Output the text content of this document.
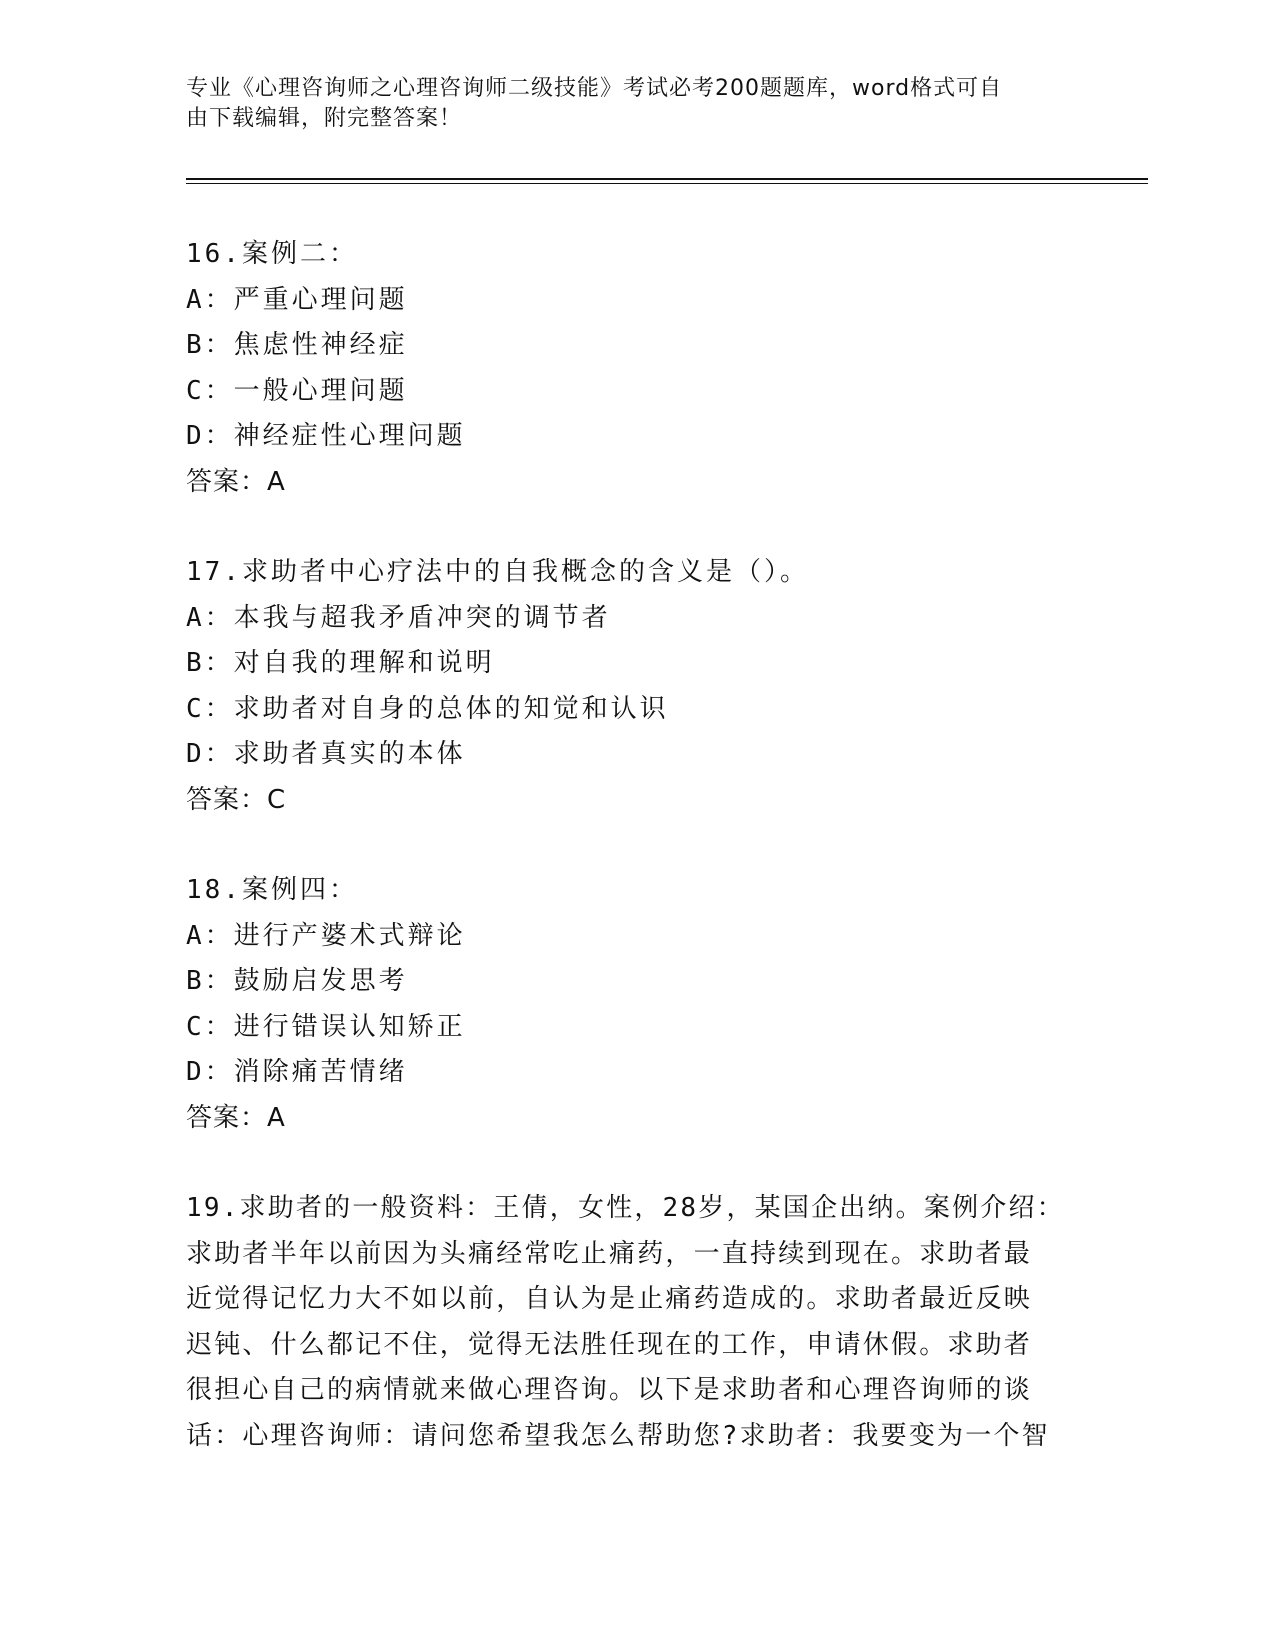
专业《心理咨询师之心理咨询师二级技能》考试必考200题题库，word格式可自
由下载编辑，附完整答案！
16.案例二：
A：严重心理问题
B：焦虑性神经症
C：一般心理问题
D：神经症性心理问题
答案：A
17.求助者中心疗法中的自我概念的含义是（）。
A：本我与超我矛盾冲突的调节者
B：对自我的理解和说明
C：求助者对自身的总体的知觉和认识
D：求助者真实的本体
答案：C
18.案例四：
A：进行产婆术式辩论
B：鼓励启发思考
C：进行错误认知矫正
D：消除痛苦情绪
答案：A
19.求助者的一般资料：王倩，女性，28岁，某国企出纳。案例介绍：
求助者半年以前因为头痛经常吃止痛药，一直持续到现在。求助者最
近觉得记忆力大不如以前，自认为是止痛药造成的。求助者最近反映
迟钝、什么都记不住，觉得无法胜任现在的工作，申请休假。求助者
很担心自己的病情就来做心理咨询。以下是求助者和心理咨询师的谈
话：心理咨询师：请问您希望我怎么帮助您?求助者：我要变为一个智
